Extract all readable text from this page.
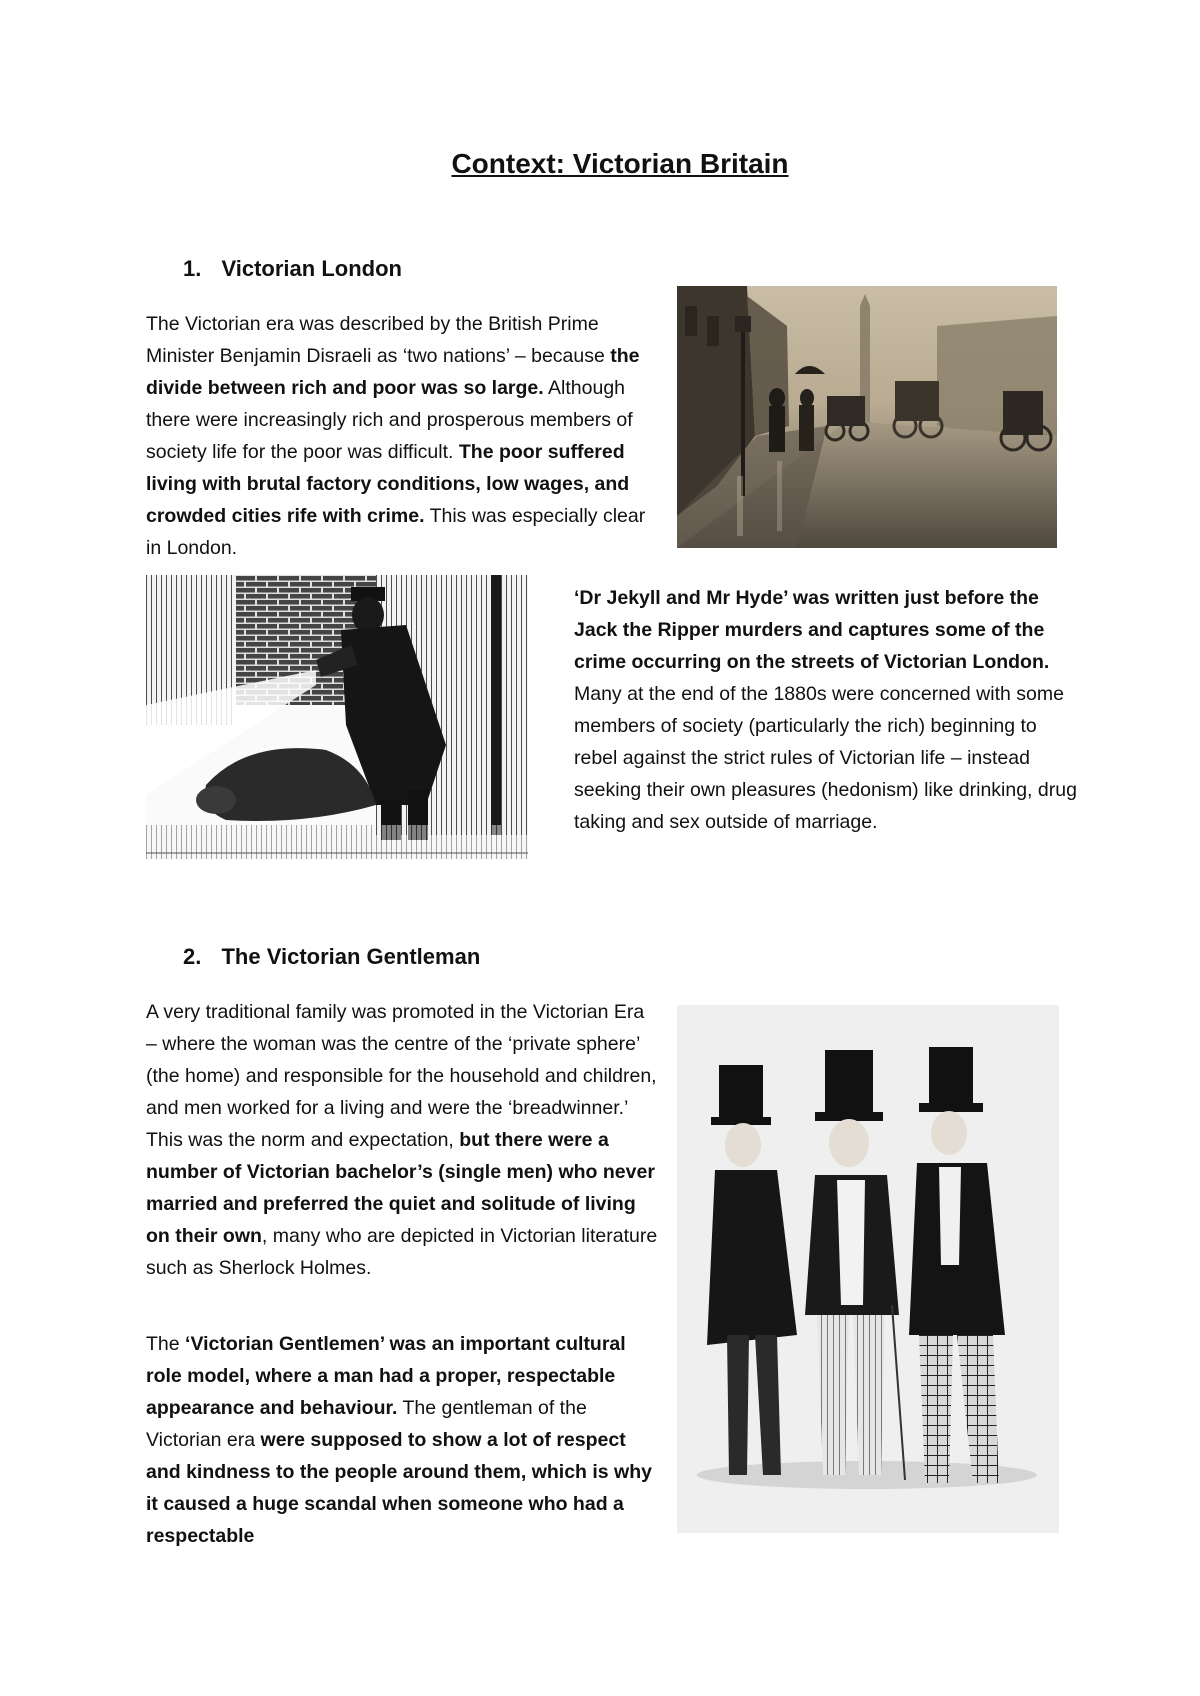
Context: Victorian Britain
1. Victorian London
The Victorian era was described by the British Prime Minister Benjamin Disraeli as ‘two nations’ – because the divide between rich and poor was so large. Although there were increasingly rich and prosperous members of society life for the poor was difficult. The poor suffered living with brutal factory conditions, low wages, and crowded cities rife with crime. This was especially clear in London.
‘Dr Jekyll and Mr Hyde’ was written just before the Jack the Ripper murders and captures some of the crime occurring on the streets of Victorian London. Many at the end of the 1880s were concerned with some members of society (particularly the rich) beginning to rebel against the strict rules of Victorian life – instead seeking their own pleasures (hedonism) like drinking, drug taking and sex outside of marriage.
2. The Victorian Gentleman
A very traditional family was promoted in the Victorian Era – where the woman was the centre of the ‘private sphere’ (the home) and responsible for the household and children, and men worked for a living and were the ‘breadwinner.’ This was the norm and expectation, but there were a number of Victorian bachelor’s (single men) who never married and preferred the quiet and solitude of living on their own, many who are depicted in Victorian literature such as Sherlock Holmes.
The ‘Victorian Gentlemen’ was an important cultural role model, where a man had a proper, respectable appearance and behaviour. The gentleman of the Victorian era were supposed to show a lot of respect and kindness to the people around them, which is why it caused a huge scandal when someone who had a respectable
